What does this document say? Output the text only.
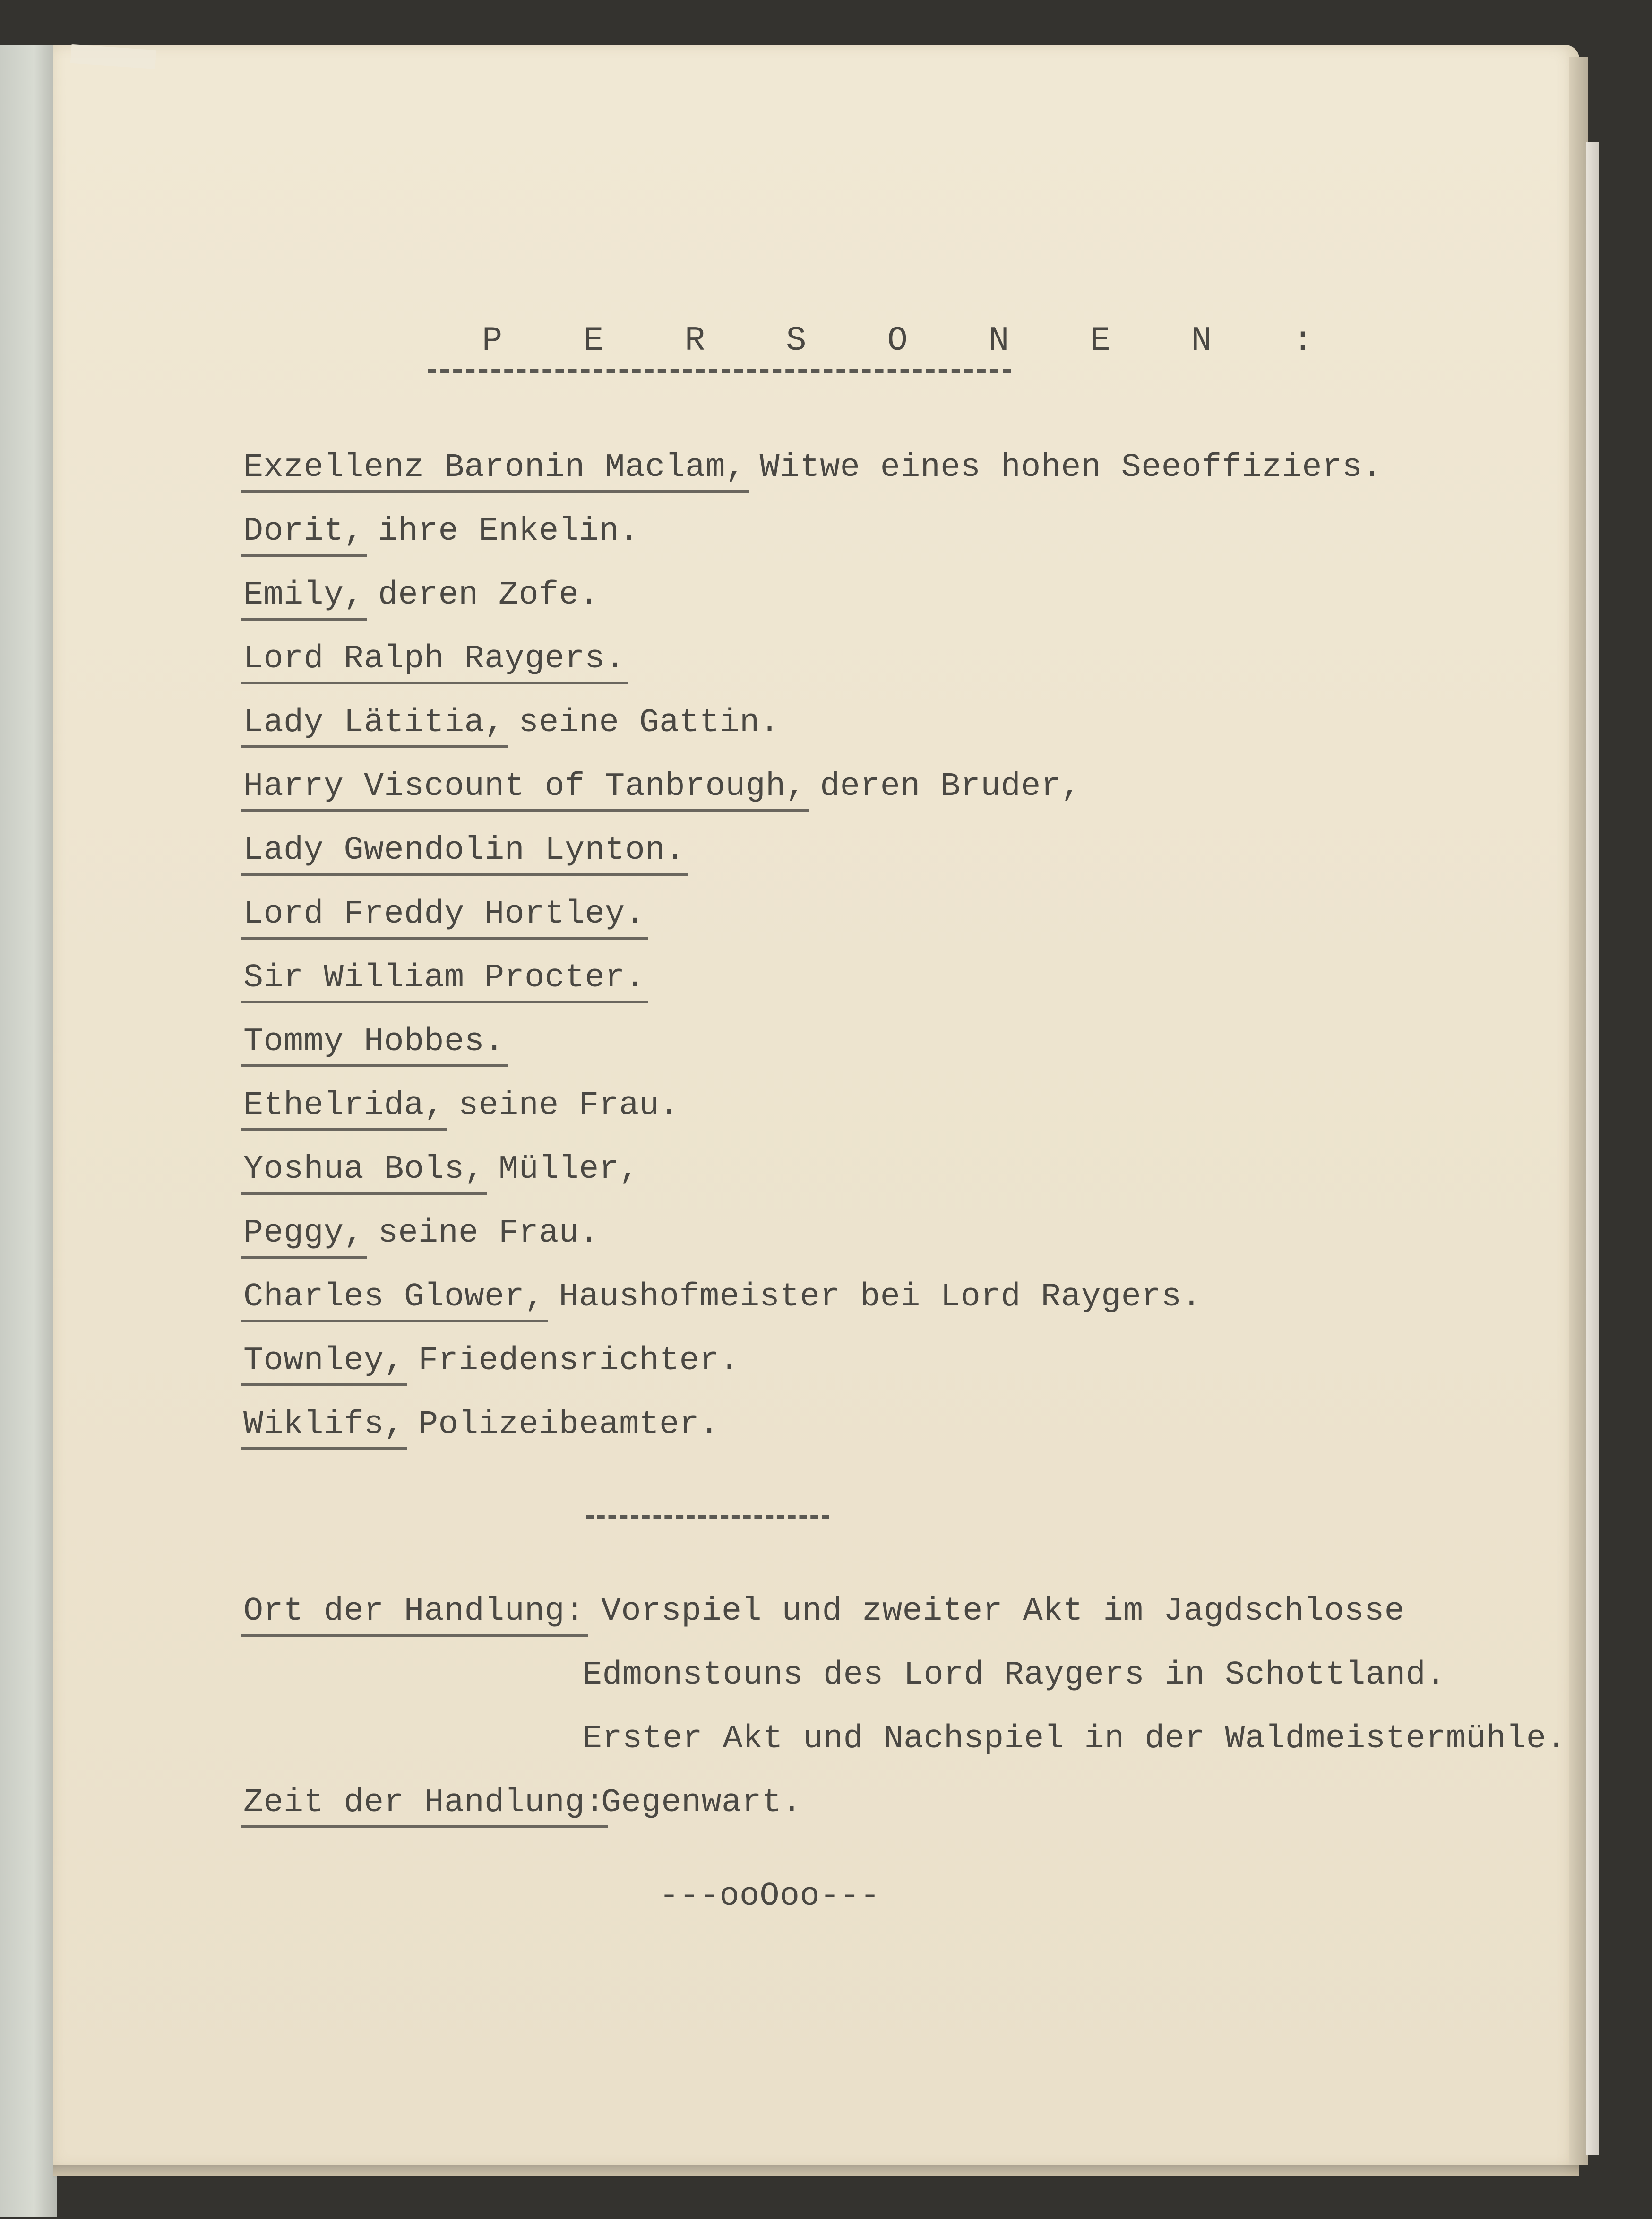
P E R S O N E N :
Exzellenz Baronin Maclam, Witwe eines hohen Seeoffiziers.
Dorit, ihre Enkelin.
Emily, deren Zofe.
Lord Ralph Raygers.
Lady Lätitia, seine Gattin.
Harry Viscount of Tanbrough, deren Bruder,
Lady Gwendolin Lynton.
Lord Freddy Hortley.
Sir William Procter.
Tommy Hobbes.
Ethelrida, seine Frau.
Yoshua Bols, Müller,
Peggy, seine Frau.
Charles Glower, Haushofmeister bei Lord Raygers.
Townley, Friedensrichter.
Wiklifs, Polizeibeamter.
Ort der Handlung: Vorspiel und zweiter Akt im Jagdschlosse
Edmonstouns des Lord Raygers in Schottland.
Erster Akt und Nachspiel in der Waldmeistermühle.
Zeit der Handlung:
Gegenwart.
---ooOoo---
